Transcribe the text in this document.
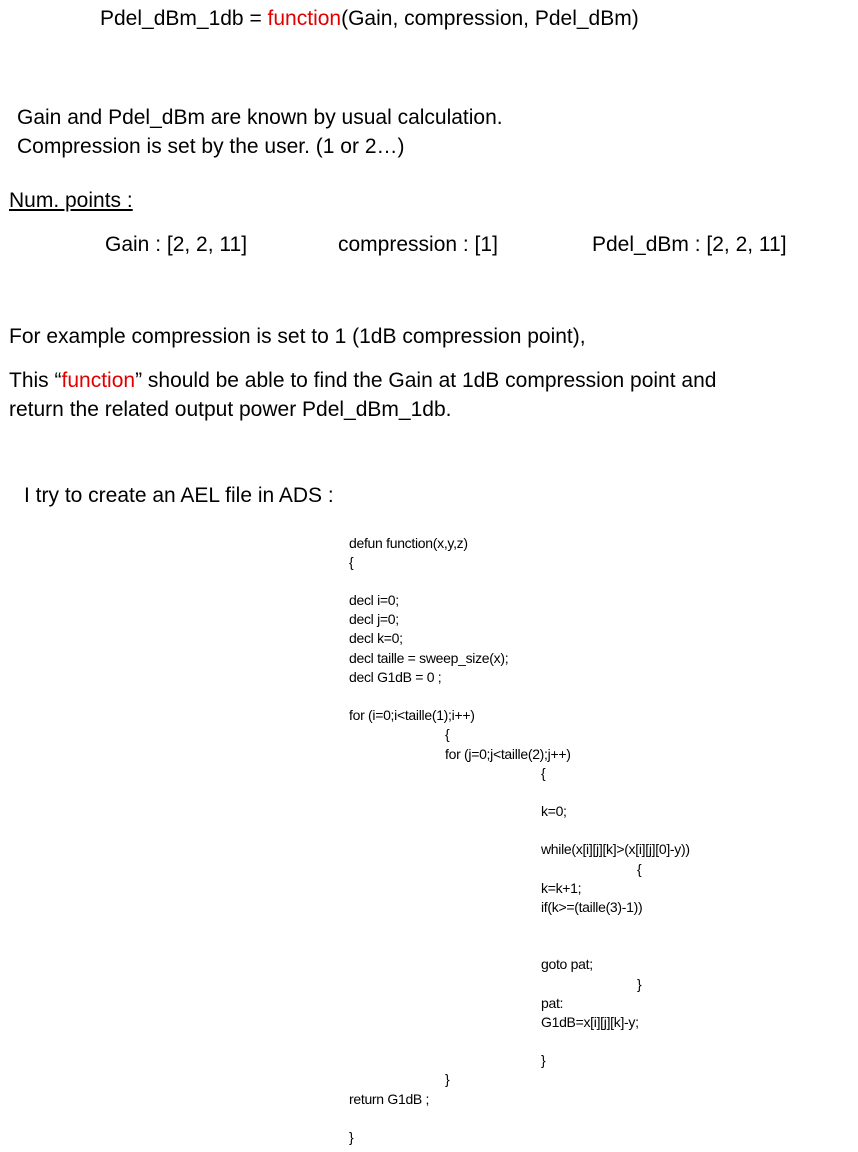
Pdel_dBm_1db = function(Gain, compression, Pdel_dBm)
Gain and Pdel_dBm are known by usual calculation.
Compression is set by the user. (1 or 2…)
Num. points :
Gain : [2, 2, 11]	compression : [1]	Pdel_dBm : [2, 2, 11]
For example compression is set to 1 (1dB compression point),
This “function” should be able to find the Gain at 1dB compression point and
return the related output power Pdel_dBm_1db.
I try to create an AEL file in ADS :
defun function(x,y,z)
{
decl i=0;
decl j=0;
decl k=0;
decl taille = sweep_size(x);
decl G1dB = 0 ;
for (i=0;i<taille(1);i++)
{
for (j=0;j<taille(2);j++)
{
k=0;
while(x[i][j][k]>(x[i][j][0]-y))
{
k=k+1;
if(k>=(taille(3)-1))
goto pat;
}
pat:
G1dB=x[i][j][k]-y;
}
}
return G1dB ;
}
